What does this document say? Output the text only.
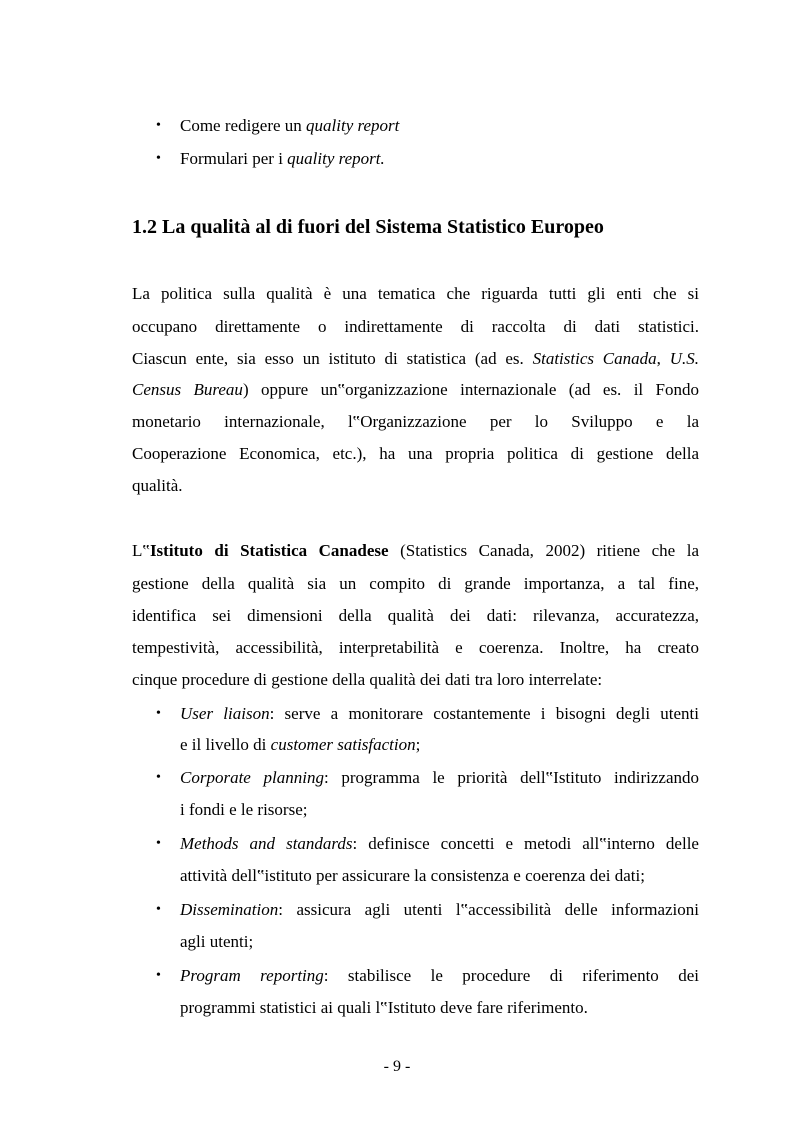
• Come redigere un quality report
• Formulari per i quality report.
1.2 La qualità al di fuori del Sistema Statistico Europeo
La politica sulla qualità è una tematica che riguarda tutti gli enti che si
occupano direttamente o indirettamente di raccolta di dati statistici.
Ciascun ente, sia esso un istituto di statistica (ad es. Statistics Canada, U.S.
Census Bureau) oppure un‟organizzazione internazionale (ad es. il Fondo
monetario internazionale, l‟Organizzazione per lo Sviluppo e la
Cooperazione Economica, etc.), ha una propria politica di gestione della
qualità.
L‟Istituto di Statistica Canadese (Statistics Canada, 2002) ritiene che la
gestione della qualità sia un compito di grande importanza, a tal fine,
identifica sei dimensioni della qualità dei dati: rilevanza, accuratezza,
tempestività, accessibilità, interpretabilità e coerenza. Inoltre, ha creato
cinque procedure di gestione della qualità dei dati tra loro interrelate:
• User liaison: serve a monitorare costantemente i bisogni degli utenti
e il livello di customer satisfaction;
• Corporate planning: programma le priorità dell‟Istituto indirizzando
i fondi e le risorse;
• Methods and standards: definisce concetti e metodi all‟interno delle
attività dell‟istituto per assicurare la consistenza e coerenza dei dati;
• Dissemination: assicura agli utenti l‟accessibilità delle informazioni
agli utenti;
• Program reporting: stabilisce le procedure di riferimento dei
programmi statistici ai quali l‟Istituto deve fare riferimento.
- 9 -
